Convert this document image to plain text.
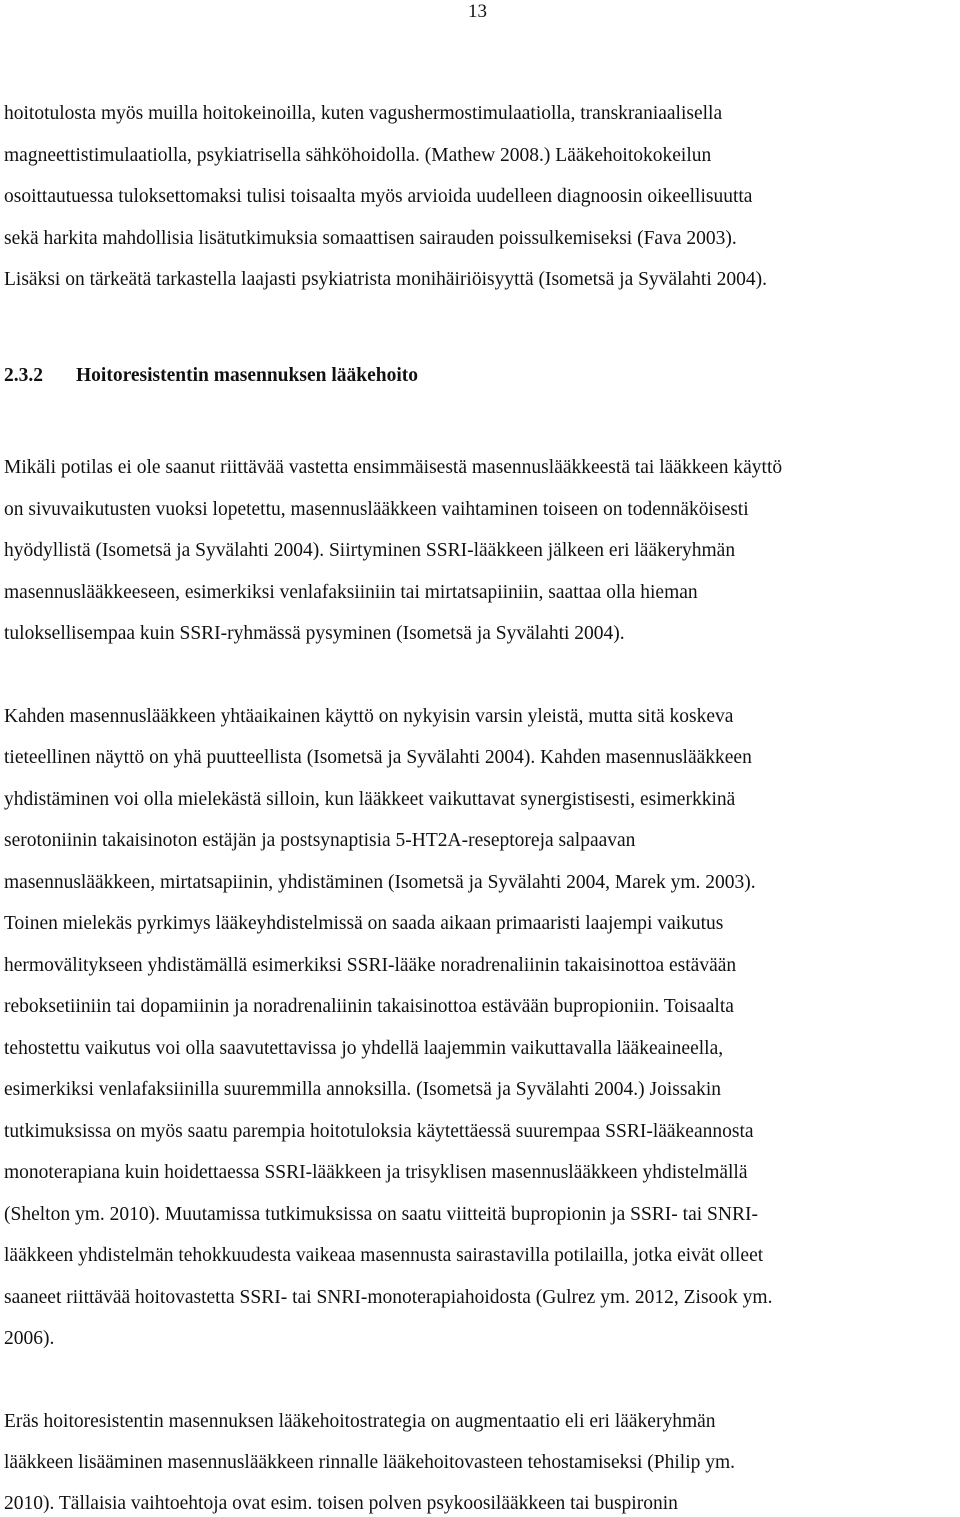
13
hoitotulosta myös muilla hoitokeinoilla, kuten vagushermostimulaatiolla, transkraniaalisella
magneettistimulaatiolla, psykiatrisella sähköhoidolla. (Mathew 2008.) Lääkehoitokokeilun
osoittautuessa tuloksettomaksi tulisi toisaalta myös arvioida uudelleen diagnoosin oikeellisuutta
sekä harkita mahdollisia lisätutkimuksia somaattisen sairauden poissulkemiseksi (Fava 2003).
Lisäksi on tärkeätä tarkastella laajasti psykiatrista monihäiriöisyyttä (Isometsä ja Syvälahti 2004).
2.3.2 Hoitoresistentin masennuksen lääkehoito
Mikäli potilas ei ole saanut riittävää vastetta ensimmäisestä masennuslääkkeestä tai lääkkeen käyttö
on sivuvaikutusten vuoksi lopetettu, masennuslääkkeen vaihtaminen toiseen on todennäköisesti
hyödyllistä (Isometsä ja Syvälahti 2004). Siirtyminen SSRI-lääkkeen jälkeen eri lääkeryhmän
masennuslääkkeeseen, esimerkiksi venlafaksiiniin tai mirtatsapiiniin, saattaa olla hieman
tuloksellisempaa kuin SSRI-ryhmässä pysyminen (Isometsä ja Syvälahti 2004).
Kahden masennuslääkkeen yhtäaikainen käyttö on nykyisin varsin yleistä, mutta sitä koskeva
tieteellinen näyttö on yhä puutteellista (Isometsä ja Syvälahti 2004). Kahden masennuslääkkeen
yhdistäminen voi olla mielekästä silloin, kun lääkkeet vaikuttavat synergistisesti, esimerkkinä
serotoniinin takaisinoton estäjän ja postsynaptisia 5-HT2A-reseptoreja salpaavan
masennuslääkkeen, mirtatsapiinin, yhdistäminen (Isometsä ja Syvälahti 2004, Marek ym. 2003).
Toinen mielekäs pyrkimys lääkeyhdistelmissä on saada aikaan primaaristi laajempi vaikutus
hermovälitykseen yhdistämällä esimerkiksi SSRI-lääke noradrenaliinin takaisinottoa estävään
reboksetiiniin tai dopamiinin ja noradrenaliinin takaisinottoa estävään bupropioniin. Toisaalta
tehostettu vaikutus voi olla saavutettavissa jo yhdellä laajemmin vaikuttavalla lääkeaineella,
esimerkiksi venlafaksiinilla suuremmilla annoksilla. (Isometsä ja Syvälahti 2004.) Joissakin
tutkimuksissa on myös saatu parempia hoitotuloksia käytettäessä suurempaa SSRI-lääkeannosta
monoterapiana kuin hoidettaessa SSRI-lääkkeen ja trisyklisen masennuslääkkeen yhdistelmällä
(Shelton ym. 2010). Muutamissa tutkimuksissa on saatu viitteitä bupropionin ja SSRI- tai SNRI-
lääkkeen yhdistelmän tehokkuudesta vaikeaa masennusta sairastavilla potilailla, jotka eivät olleet
saaneet riittävää hoitovastetta SSRI- tai SNRI-monoterapiahoidosta (Gulrez ym. 2012, Zisook ym.
2006).
Eräs hoitoresistentin masennuksen lääkehoitostrategia on augmentaatio eli eri lääkeryhmän
lääkkeen lisääminen masennuslääkkeen rinnalle lääkehoitovasteen tehostamiseksi (Philip ym.
2010). Tällaisia vaihtoehtoja ovat esim. toisen polven psykoosilääkkeen tai buspironin
